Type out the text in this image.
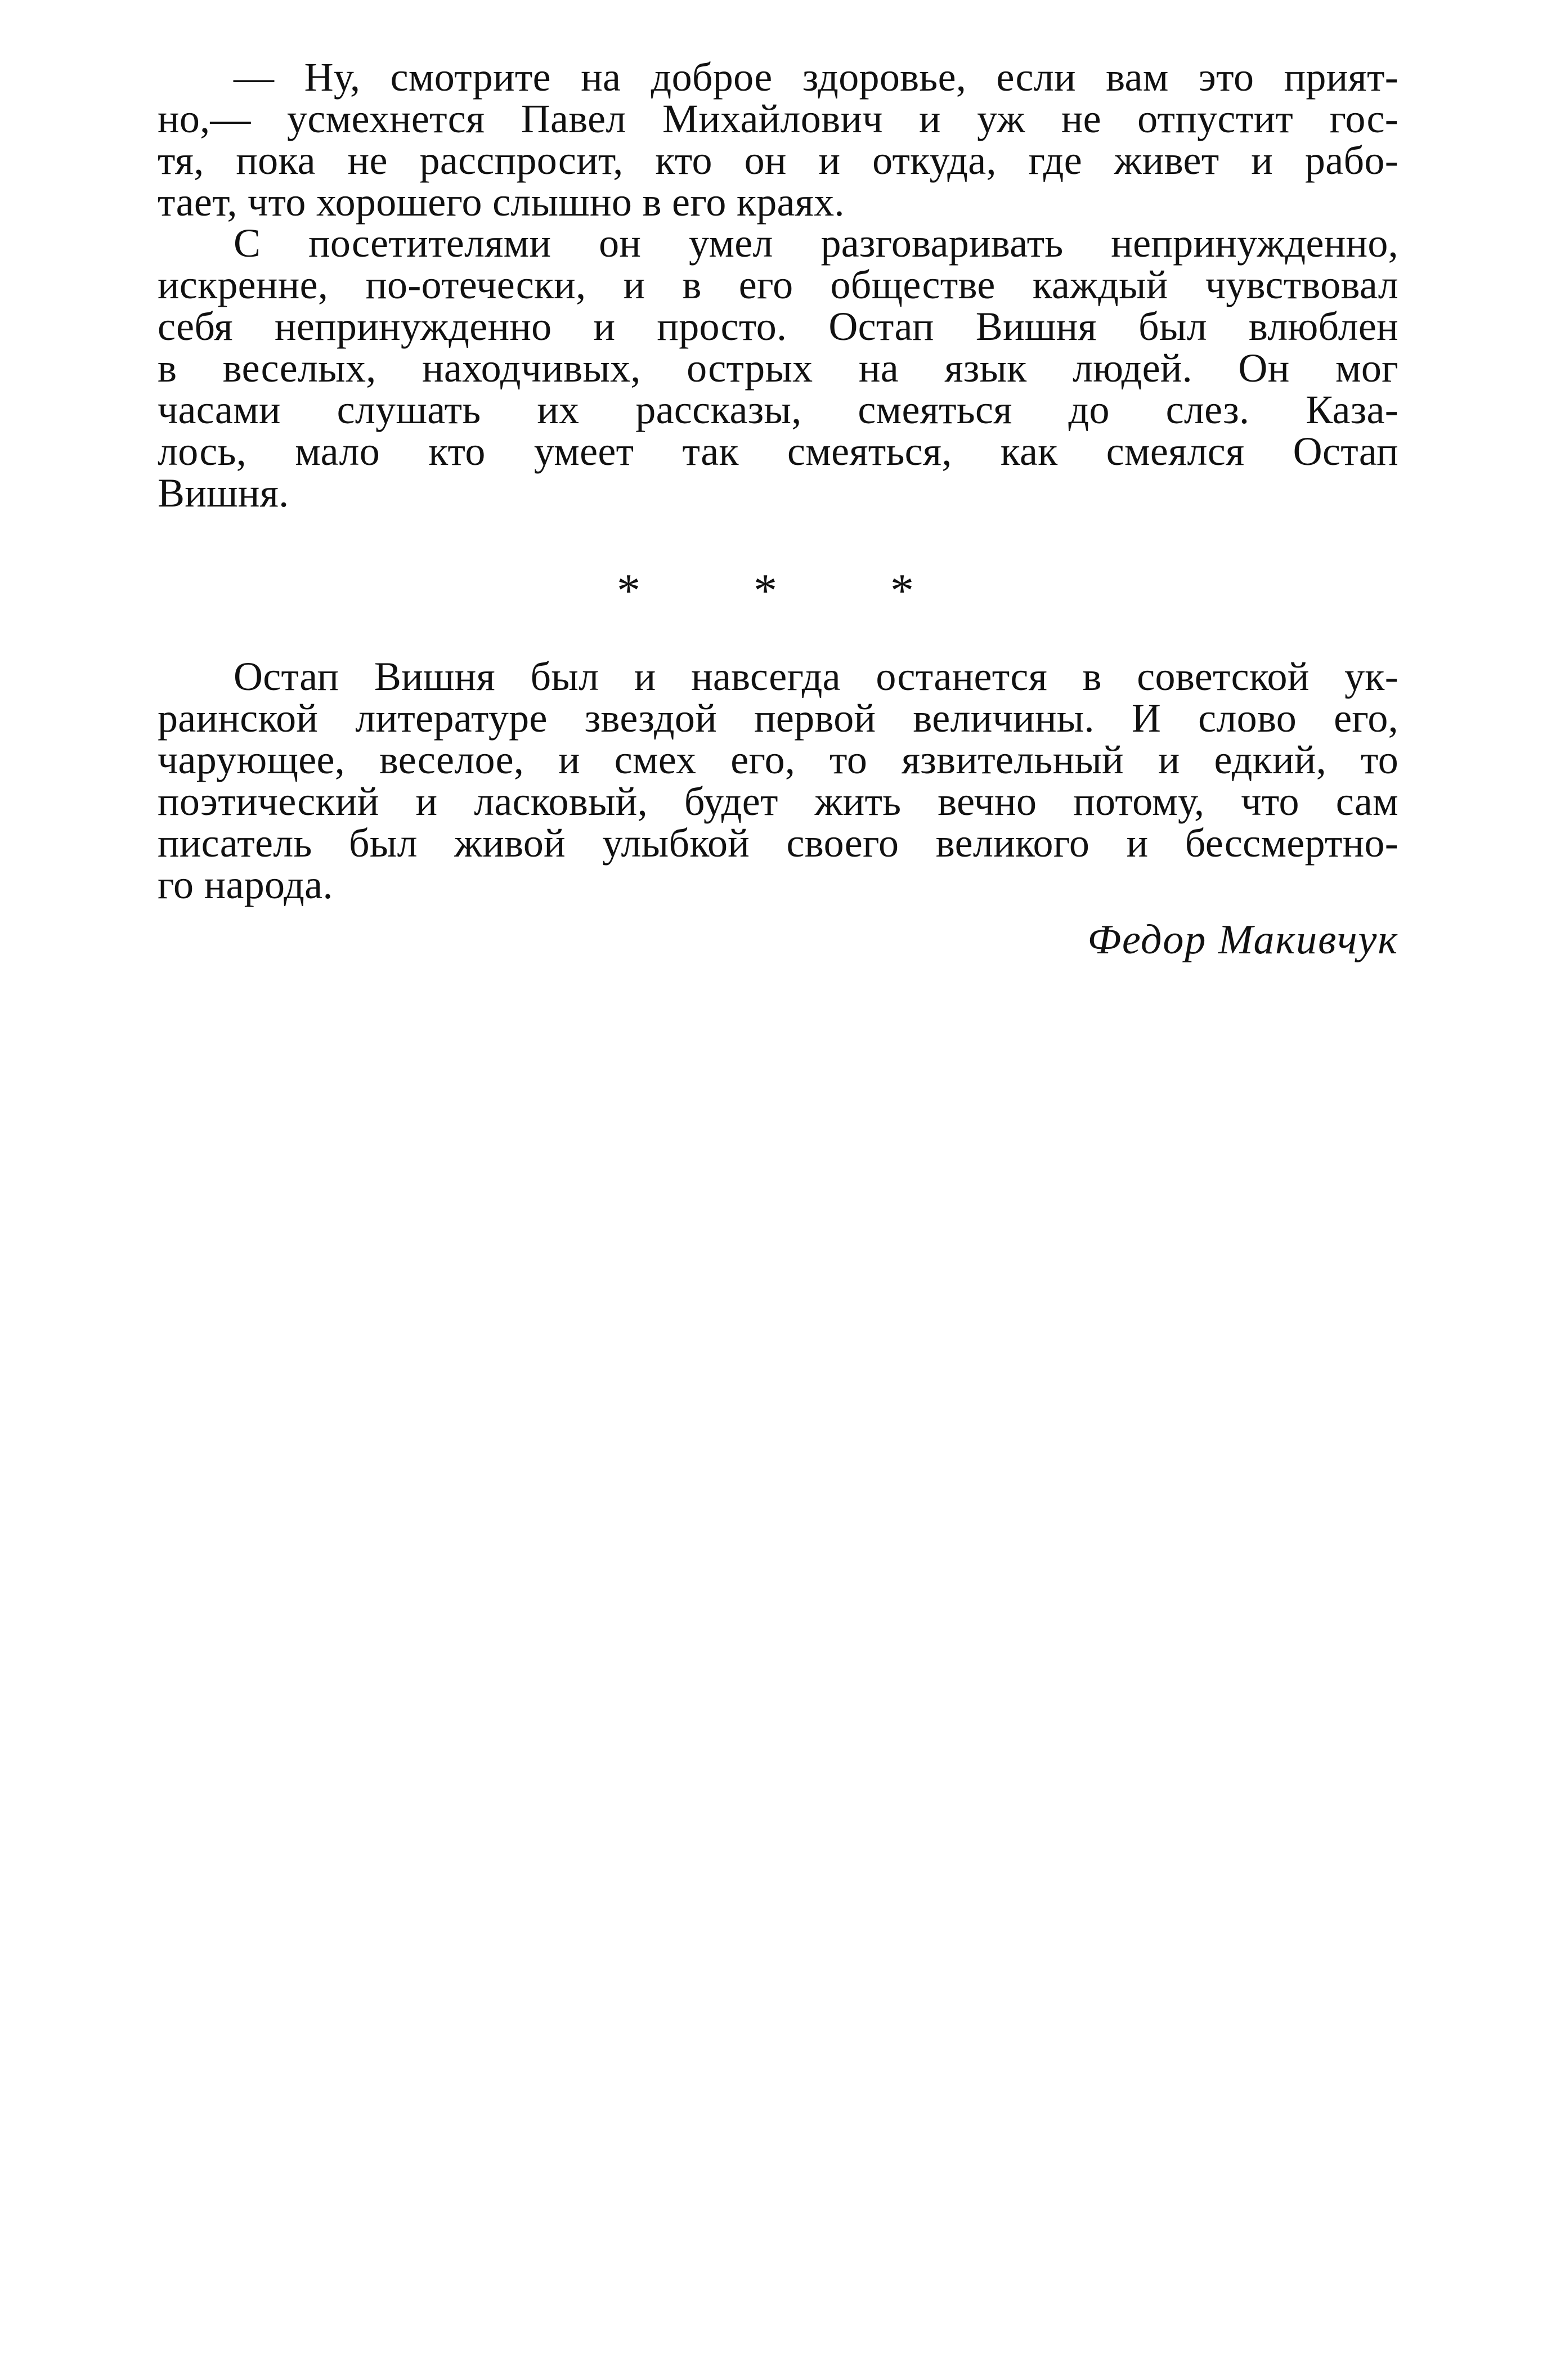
— Ну, смотрите на доброе здоровье, если вам это прият-
но,— усмехнется Павел Михайлович и уж не отпустит гос-
тя, пока не расспросит, кто он и откуда, где живет и рабо-
тает, что хорошего слышно в его краях.
С посетителями он умел разговаривать непринужденно,
искренне, по-отечески, и в его обществе каждый чувствовал
себя непринужденно и просто. Остап Вишня был влюблен
в веселых, находчивых, острых на язык людей. Он мог
часами слушать их рассказы, смеяться до слез. Каза-
лось, мало кто умеет так смеяться, как смеялся Остап
Вишня.
* * *
Остап Вишня был и навсегда останется в советской ук-
раинской литературе звездой первой величины. И слово его,
чарующее, веселое, и смех его, то язвительный и едкий, то
поэтический и ласковый, будет жить вечно потому, что сам
писатель был живой улыбкой своего великого и бессмертно-
го народа.
Федор Макивчук
